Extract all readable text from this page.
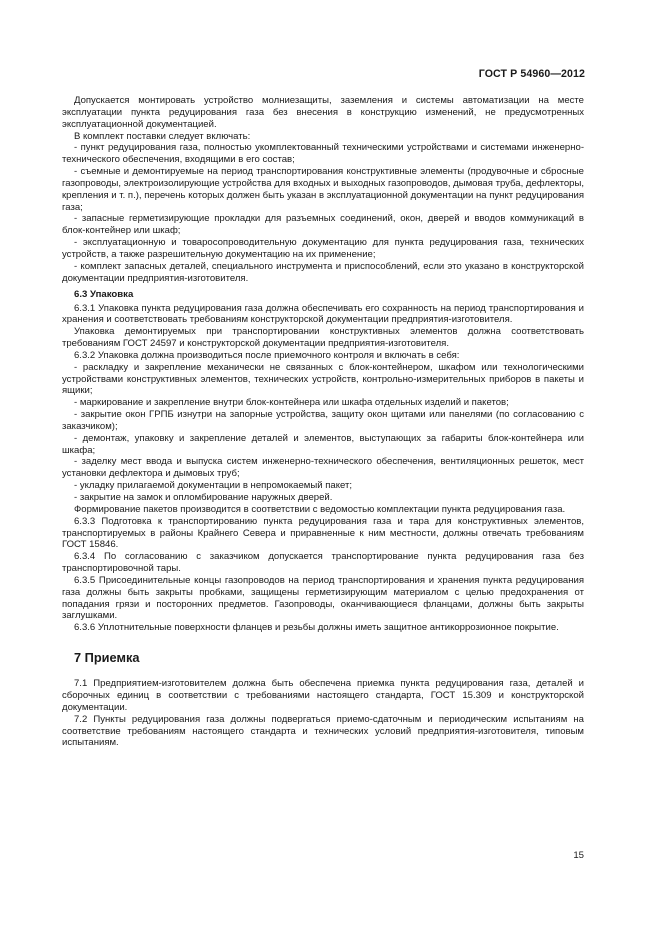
ГОСТ Р 54960—2012

Допускается монтировать устройство молниезащиты, заземления и системы автоматизации на месте эксплуатации пункта редуцирования газа без внесения в конструкцию изменений, не предусмотренных эксплуатационной документацией.

В комплект поставки следует включать:

- пункт редуцирования газа, полностью укомплектованный техническими устройствами и системами инженерно-технического обеспечения, входящими в его состав;

- съемные и демонтируемые на период транспортирования конструктивные элементы (продувочные и сбросные газопроводы, электроизолирующие устройства для входных и выходных газопроводов, дымовая труба, дефлекторы, крепления и т. п.), перечень которых должен быть указан в эксплуатационной документации на пункт редуцирования газа;

- запасные герметизирующие прокладки для разъемных соединений, окон, дверей и вводов коммуникаций в блок-контейнер или шкаф;

- эксплуатационную и товаросопроводительную документацию для пункта редуцирования газа, технических устройств, а также разрешительную документацию на их применение;

- комплект запасных деталей, специального инструмента и приспособлений, если это указано в конструкторской документации предприятия-изготовителя.

6.3 Упаковка

6.3.1 Упаковка пункта редуцирования газа должна обеспечивать его сохранность на период транспортирования и хранения и соответствовать требованиям конструкторской документации предприятия-изготовителя.

Упаковка демонтируемых при транспортировании конструктивных элементов должна соответствовать требованиям ГОСТ 24597 и конструкторской документации предприятия-изготовителя.

6.3.2 Упаковка должна производиться после приемочного контроля и включать в себя:

- раскладку и закрепление механически не связанных с блок-контейнером, шкафом или технологическими устройствами конструктивных элементов, технических устройств, контрольно-измерительных приборов в пакеты и ящики;

- маркирование и закрепление внутри блок-контейнера или шкафа отдельных изделий и пакетов;

- закрытие окон ГРПБ изнутри на запорные устройства, защиту окон щитами или панелями (по согласованию с заказчиком);

- демонтаж, упаковку и закрепление деталей и элементов, выступающих за габариты блок-контейнера или шкафа;

- заделку мест ввода и выпуска систем инженерно-технического обеспечения, вентиляционных решеток, мест установки дефлектора и дымовых труб;

- укладку прилагаемой документации в непромокаемый пакет;

- закрытие на замок и опломбирование наружных дверей.

Формирование пакетов производится в соответствии с ведомостью комплектации пункта редуцирования газа.

6.3.3 Подготовка к транспортированию пункта редуцирования газа и тара для конструктивных элементов, транспортируемых в районы Крайнего Севера и приравненные к ним местности, должны отвечать требованиям ГОСТ 15846.

6.3.4 По согласованию с заказчиком допускается транспортирование пункта редуцирования газа без транспортировочной тары.

6.3.5 Присоединительные концы газопроводов на период транспортирования и хранения пункта редуцирования газа должны быть закрыты пробками, защищены герметизирующим материалом с целью предохранения от попадания грязи и посторонних предметов. Газопроводы, оканчивающиеся фланцами, должны быть закрыты заглушками.

6.3.6 Уплотнительные поверхности фланцев и резьбы должны иметь защитное антикоррозионное покрытие.

7 Приемка

7.1 Предприятием-изготовителем должна быть обеспечена приемка пункта редуцирования газа, деталей и сборочных единиц в соответствии с требованиями настоящего стандарта, ГОСТ 15.309 и конструкторской документации.

7.2 Пункты редуцирования газа должны подвергаться приемо-сдаточным и периодическим испытаниям на соответствие требованиям настоящего стандарта и технических условий предприятия-изготовителя, типовым испытаниям.

15
